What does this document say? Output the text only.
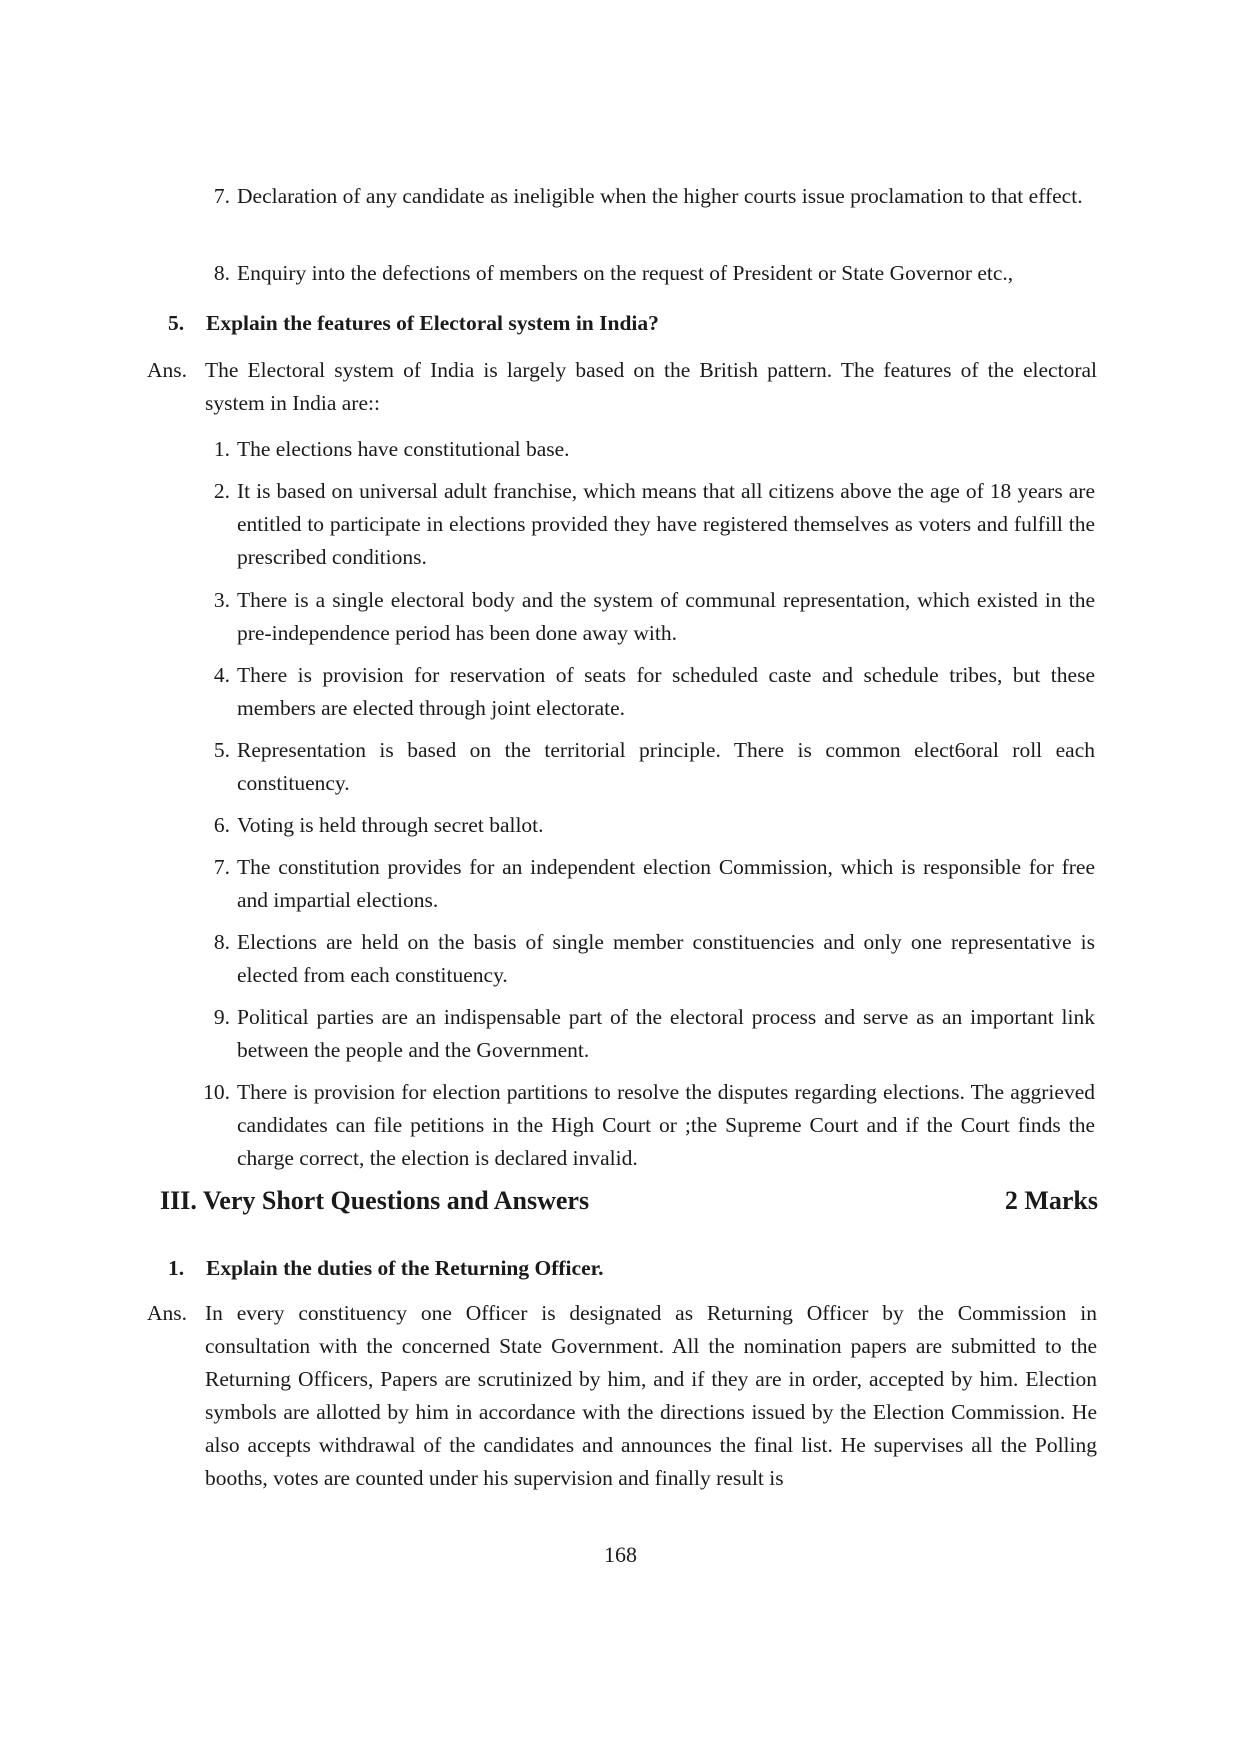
7. Declaration of any candidate as ineligible when the higher courts issue proclamation to that effect.
8. Enquiry into the defections of members on the request of President or State Governor etc.,
5. Explain the features of Electoral system in India?
Ans. The Electoral system of India is largely based on the British pattern. The features of the electoral system in India are::
1. The elections have constitutional base.
2. It is based on universal adult franchise, which means that all citizens above the age of 18 years are entitled to participate in elections provided they have registered themselves as voters and fulfill the prescribed conditions.
3. There is a single electoral body and the system of communal representation, which existed in the pre-independence period has been done away with.
4. There is provision for reservation of seats for scheduled caste and schedule tribes, but these members are elected through joint electorate.
5. Representation is based on the territorial principle. There is common elect6oral roll each constituency.
6. Voting is held through secret ballot.
7. The constitution provides for an independent election Commission, which is responsible for free and impartial elections.
8. Elections are held on the basis of single member constituencies and only one representative is elected from each constituency.
9. Political parties are an indispensable part of the electoral process and serve as an important link between the people and the Government.
10. There is provision for election partitions to resolve the disputes regarding elections. The aggrieved candidates can file petitions in the High Court or ;the Supreme Court and if the Court finds the charge correct, the election is declared invalid.
III. Very Short Questions and Answers	2 Marks
1. Explain the duties of the Returning Officer.
Ans. In every constituency one Officer is designated as Returning Officer by the Commission in consultation with the concerned State Government. All the nomination papers are submitted to the Returning Officers, Papers are scrutinized by him, and if they are in order, accepted by him. Election symbols are allotted by him in accordance with the directions issued by the Election Commission. He also accepts withdrawal of the candidates and announces the final list. He supervises all the Polling booths, votes are counted under his supervision and finally result is
168
